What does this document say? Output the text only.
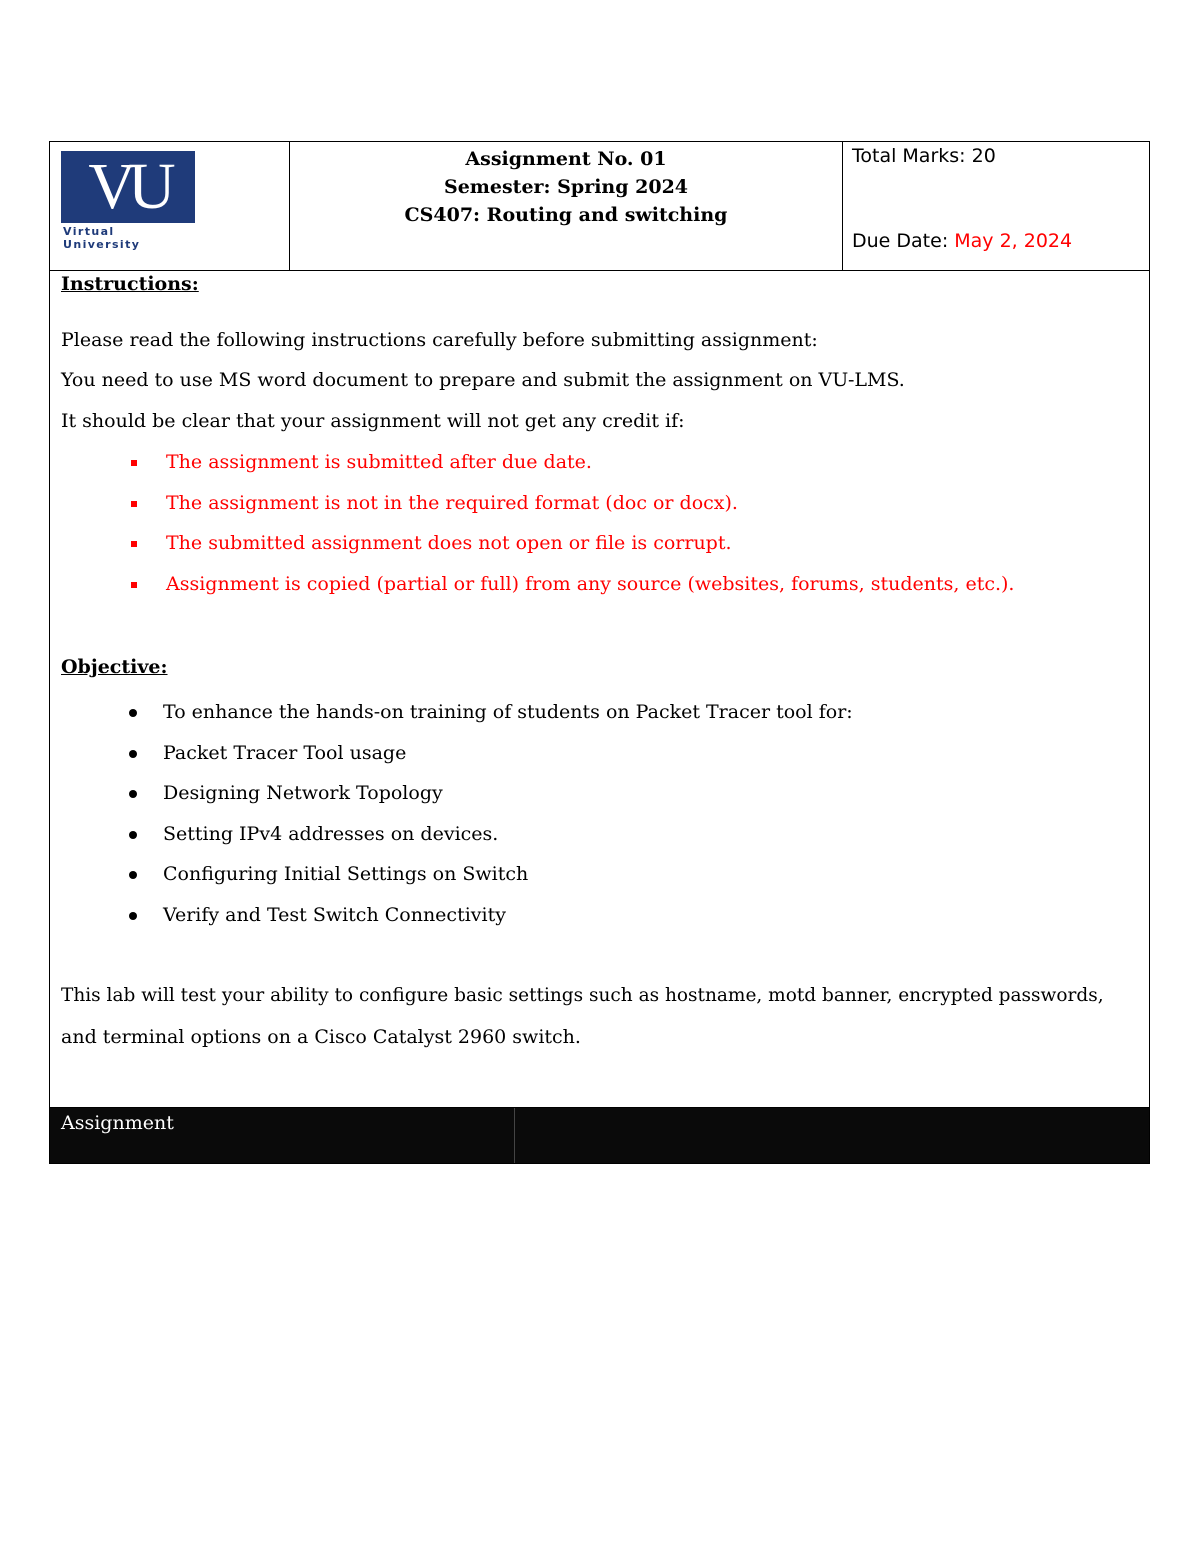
VU
Virtual University
Assignment No. 01
Semester: Spring 2024
CS407: Routing and switching
Total Marks: 20
Due Date: May 2, 2024
Instructions:
Please read the following instructions carefully before submitting assignment:
You need to use MS word document to prepare and submit the assignment on VU-LMS.
It should be clear that your assignment will not get any credit if:
The assignment is submitted after due date.
The assignment is not in the required format (doc or docx).
The submitted assignment does not open or file is corrupt.
Assignment is copied (partial or full) from any source (websites, forums, students, etc.).
Objective:
To enhance the hands-on training of students on Packet Tracer tool for:
Packet Tracer Tool usage
Designing Network Topology
Setting IPv4 addresses on devices.
Configuring Initial Settings on Switch
Verify and Test Switch Connectivity
This lab will test your ability to configure basic settings such as hostname, motd banner, encrypted passwords,
and terminal options on a Cisco Catalyst 2960 switch.
Assignment
